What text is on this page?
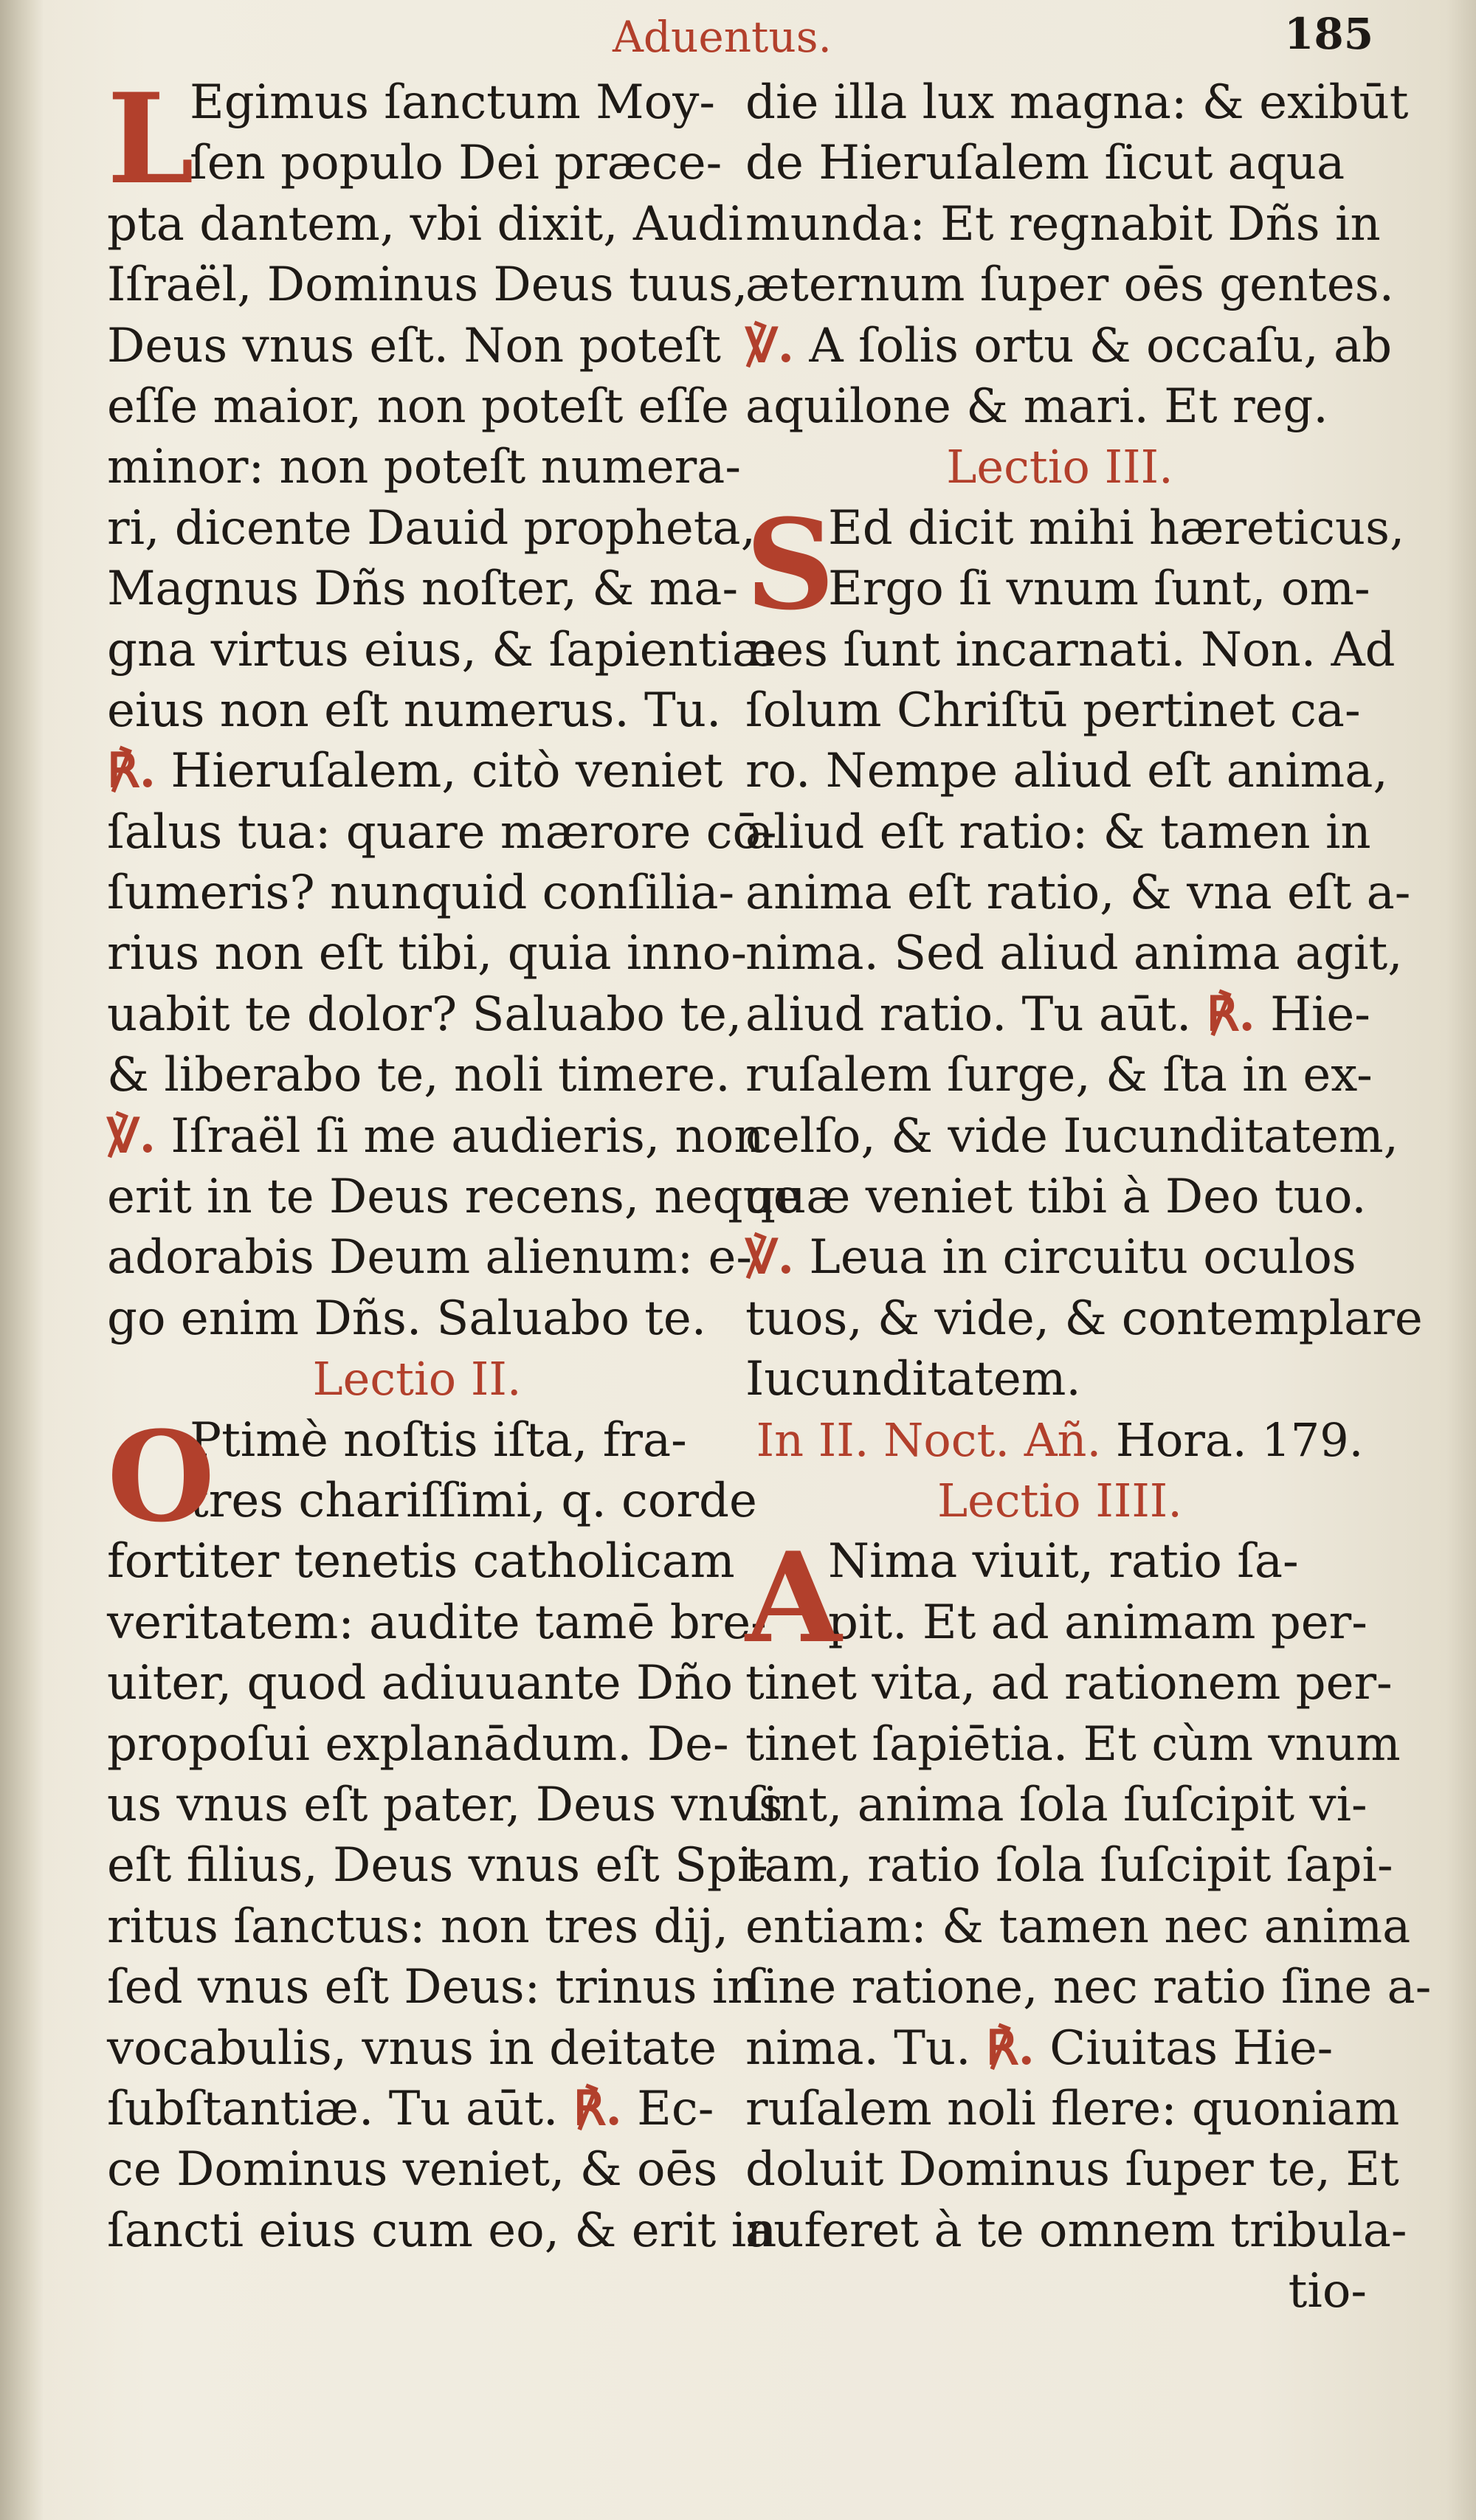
Aduentus.	185
L
Egimus ſanctum Moy-
ſen populo Dei præce-
pta dantem, vbi dixit, Audi
Iſraël, Dominus Deus tuus,
Deus vnus eſt. Non poteſt
eſſe maior, non poteſt eſſe
minor: non poteſt numera-
ri, dicente Dauid propheta,
Magnus Dñs noſter, & ma-
gna virtus eius, & ſapientiæ
eius non eſt numerus. Tu.
℟. Hieruſalem, citò veniet
ſalus tua: quare mærore cō-
ſumeris? nunquid conſilia-
rius non eſt tibi, quia inno-
uabit te dolor? Saluabo te,
& liberabo te, noli timere.
℣. Iſraël ſi me audieris, non
erit in te Deus recens, neque
adorabis Deum alienum: e-
go enim Dñs. Saluabo te.
Lectio II.
O
Ptimè noſtis iſta, fra-
tres chariſſimi, q. corde
fortiter tenetis catholicam
veritatem: audite tamē bre-
uiter, quod adiuuante Dño
propoſui explanādum. De-
us vnus eſt pater, Deus vnus
eſt filius, Deus vnus eſt Spi-
ritus ſanctus: non tres dij,
ſed vnus eſt Deus: trinus in
vocabulis, vnus in deitate
ſubſtantiæ. Tu aūt. ℟. Ec-
ce Dominus veniet, & oēs
ſancti eius cum eo, & erit in
die illa lux magna: & exibūt
de Hieruſalem ſicut aqua
munda: Et regnabit Dñs in
æternum ſuper oēs gentes.
℣. A ſolis ortu & occaſu, ab
aquilone & mari. Et reg.
Lectio III.
S
Ed dicit mihi hæreticus,
Ergo ſi vnum ſunt, om-
nes ſunt incarnati. Non. Ad
ſolum Chriſtū pertinet ca-
ro. Nempe aliud eſt anima,
aliud eſt ratio: & tamen in
anima eſt ratio, & vna eſt a-
nima. Sed aliud anima agit,
aliud ratio. Tu aūt. ℟. Hie-
ruſalem ſurge, & ſta in ex-
celſo, & vide Iucunditatem,
quæ veniet tibi à Deo tuo.
℣. Leua in circuitu oculos
tuos, & vide, & contemplare
Iucunditatem.
In II. Noct. Añ. Hora. 179.
Lectio IIII.
A
Nima viuit, ratio ſa-
pit. Et ad animam per-
tinet vita, ad rationem per-
tinet ſapiētia. Et cùm vnum
ſint, anima ſola ſuſcipit vi-
tam, ratio ſola ſuſcipit ſapi-
entiam: & tamen nec anima
ſine ratione, nec ratio ſine a-
nima. Tu. ℟. Ciuitas Hie-
ruſalem noli flere: quoniam
doluit Dominus ſuper te, Et
auferet à te omnem tribula-
tio-
